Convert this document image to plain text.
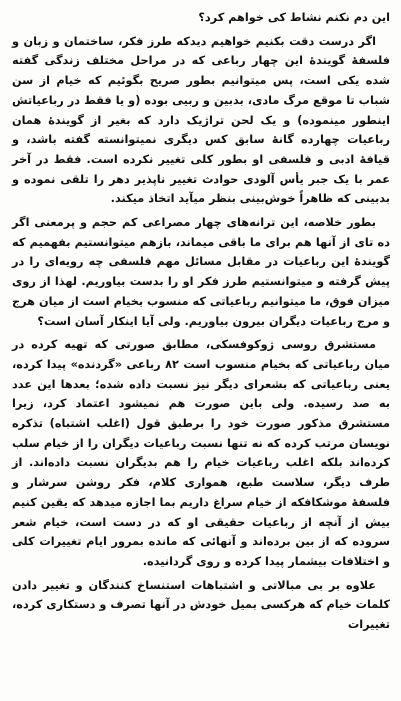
این دم نکنم نشاط کی خواهم کرد؟

اگر درست دقت بکنیم خواهیم دیدکه طرز فکر، ساختمان و زبان و فلسفهٔ گویندهٔ این چهار رباعی که در مراحل مختلف زندگی گفته شده یکی است، پس میتوانیم بطور صریح بگوئیم که خیام از سن شباب تا موقع مرگ مادی، بدبین و ربیی بوده (و یا فقط در رباعیاتش اینطور مینموده) و یک لحن ترا‌ژیک دارد که بغیر از گویندهٔ همان رباعیات چهارده گانهٔ سابق کس دیگری نمیتوانسته گفته باشد، و قیافهٔ ادبی و فلسفی او بطور کلی تغییر نکرده است. فقط در آخر عمر با یک جبر یأس آلودی حوادث تغییر ناپذیر دهر را تلقی نموده و بدبینی که ظاهراً خوش‌بینی بنظر میآید اتخاذ میکند.

بطور خلاصه، این ترانه‌های چهار مصراعی کم حجم و پرمعنی اگر ده تای از آنها هم برای ما باقی میماند، بازهم میتوانستیم بفهمیم که گویندهٔ این رباعیات در مقابل مسائل مهم فلسفی چه رویه‌ای را در پیش گرفته و میتوانستیم طرز فکر او را بدست بیاوریم. لهذا از روی میزان فوق، ما میتوانیم رباعیاتی که منسوب بخیام است از میان هرج و مرج رباعیات دیگران بیرون بیاوریم. ولی آیا اینکار آسان است؟

مستشرق روسی ژوکوفسکی، مطابق صورتی که تهیه کرده در میان رباعیاتی که بخیام منسوب است ۸۲ رباعی «گردنده» پیدا کرده، یعنی رباعیاتی که بشعرای دیگر نیز نسبت داده شده؛ بعدها این عدد به صد رسیده. ولی باین صورت هم نمیشود اعتماد کرد، زیرا مستشرق مذکور صورت خود را برطبق قول (اغلب اشتباه) تذکره نویسان مرتب کرده که نه تنها نسبت رباعیات دیگران را از خیام سلب کرده‌اند بلکه اغلب رباعیات خیام را هم بدیگران نسبت داده‌اند. از طرف دیگر، سلاست طبع، همواری کلام، فکر روشن سرشار و فلسفهٔ موشکافکه از خیام سراغ داریم بما اجازه میدهد که یقین کنیم بیش از آنچه از رباعیات حقیقی او که در دست است، خیام شعر سروده که از بین برده‌اند و آنهائی که مانده بمرور ایام تغییرات کلی و اختلافات بیشمار پیدا کرده و روی گردانیده.

علاوه بر بی مبالاتی و اشتباهات استنساخ کنندگان و تغییر دادن کلمات خیام که هرکسی بمیل خودش در آنها تصرف و دستکاری کرده، تغییرات
